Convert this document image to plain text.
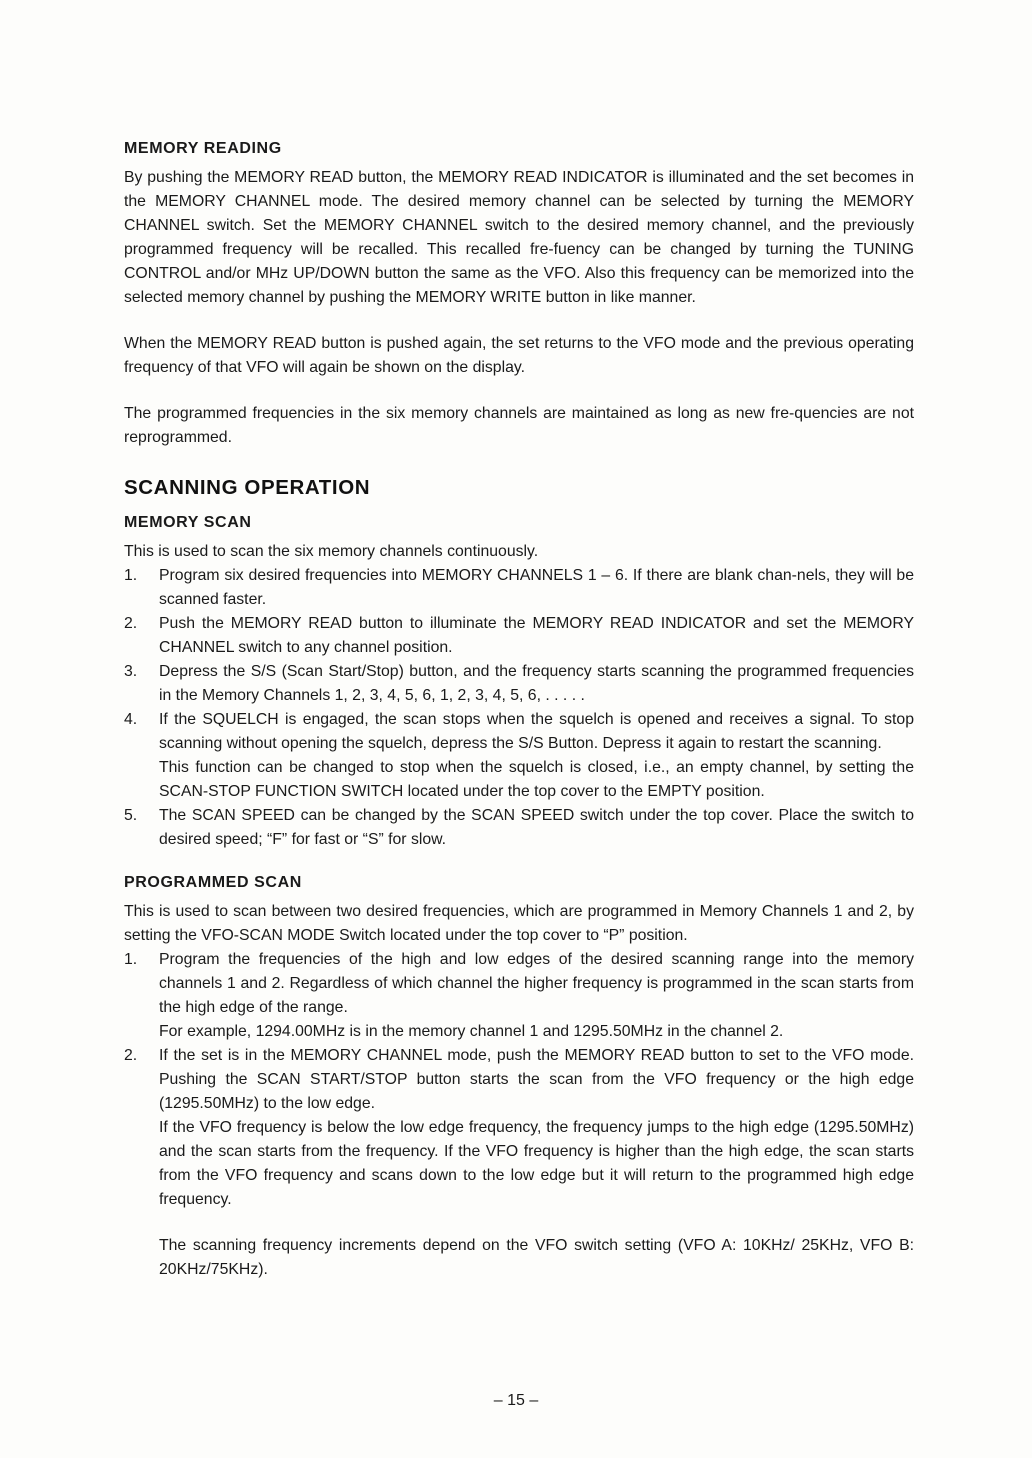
MEMORY READING

By pushing the MEMORY READ button, the MEMORY READ INDICATOR is illuminated and the set becomes in the MEMORY CHANNEL mode. The desired memory channel can be selected by turning the MEMORY CHANNEL switch. Set the MEMORY CHANNEL switch to the desired memory channel, and the previously programmed frequency will be recalled. This recalled fre-fuency can be changed by turning the TUNING CONTROL and/or MHz UP/DOWN button the same as the VFO. Also this frequency can be memorized into the selected memory channel by pushing the MEMORY WRITE button in like manner.

When the MEMORY READ button is pushed again, the set returns to the VFO mode and the previous operating frequency of that VFO will again be shown on the display.

The programmed frequencies in the six memory channels are maintained as long as new fre-quencies are not reprogrammed.

SCANNING OPERATION
MEMORY SCAN

This is used to scan the six memory channels continuously.

1. Program six desired frequencies into MEMORY CHANNELS 1 – 6. If there are blank chan-nels, they will be scanned faster.

2. Push the MEMORY READ button to illuminate the MEMORY READ INDICATOR and set the MEMORY CHANNEL switch to any channel position.

3. Depress the S/S (Scan Start/Stop) button, and the frequency starts scanning the programmed frequencies in the Memory Channels 1, 2, 3, 4, 5, 6, 1, 2, 3, 4, 5, 6, . . . . .

4. If the SQUELCH is engaged, the scan stops when the squelch is opened and receives a signal. To stop scanning without opening the squelch, depress the S/S Button. Depress it again to restart the scanning.

This function can be changed to stop when the squelch is closed, i.e., an empty channel, by setting the SCAN-STOP FUNCTION SWITCH located under the top cover to the EMPTY position.

5. The SCAN SPEED can be changed by the SCAN SPEED switch under the top cover. Place the switch to desired speed; “F” for fast or “S” for slow.

PROGRAMMED SCAN

This is used to scan between two desired frequencies, which are programmed in Memory Channels 1 and 2, by setting the VFO-SCAN MODE Switch located under the top cover to “P” position.

1. Program the frequencies of the high and low edges of the desired scanning range into the memory channels 1 and 2. Regardless of which channel the higher frequency is programmed in the scan starts from the high edge of the range.

For example, 1294.00MHz is in the memory channel 1 and 1295.50MHz in the channel 2.

2. If the set is in the MEMORY CHANNEL mode, push the MEMORY READ button to set to the VFO mode. Pushing the SCAN START/STOP button starts the scan from the VFO frequency or the high edge (1295.50MHz) to the low edge.

If the VFO frequency is below the low edge frequency, the frequency jumps to the high edge (1295.50MHz) and the scan starts from the frequency. If the VFO frequency is higher than the high edge, the scan starts from the VFO frequency and scans down to the low edge but it will return to the programmed high edge frequency.

The scanning frequency increments depend on the VFO switch setting (VFO A: 10KHz/ 25KHz, VFO B: 20KHz/75KHz).

– 15 –
